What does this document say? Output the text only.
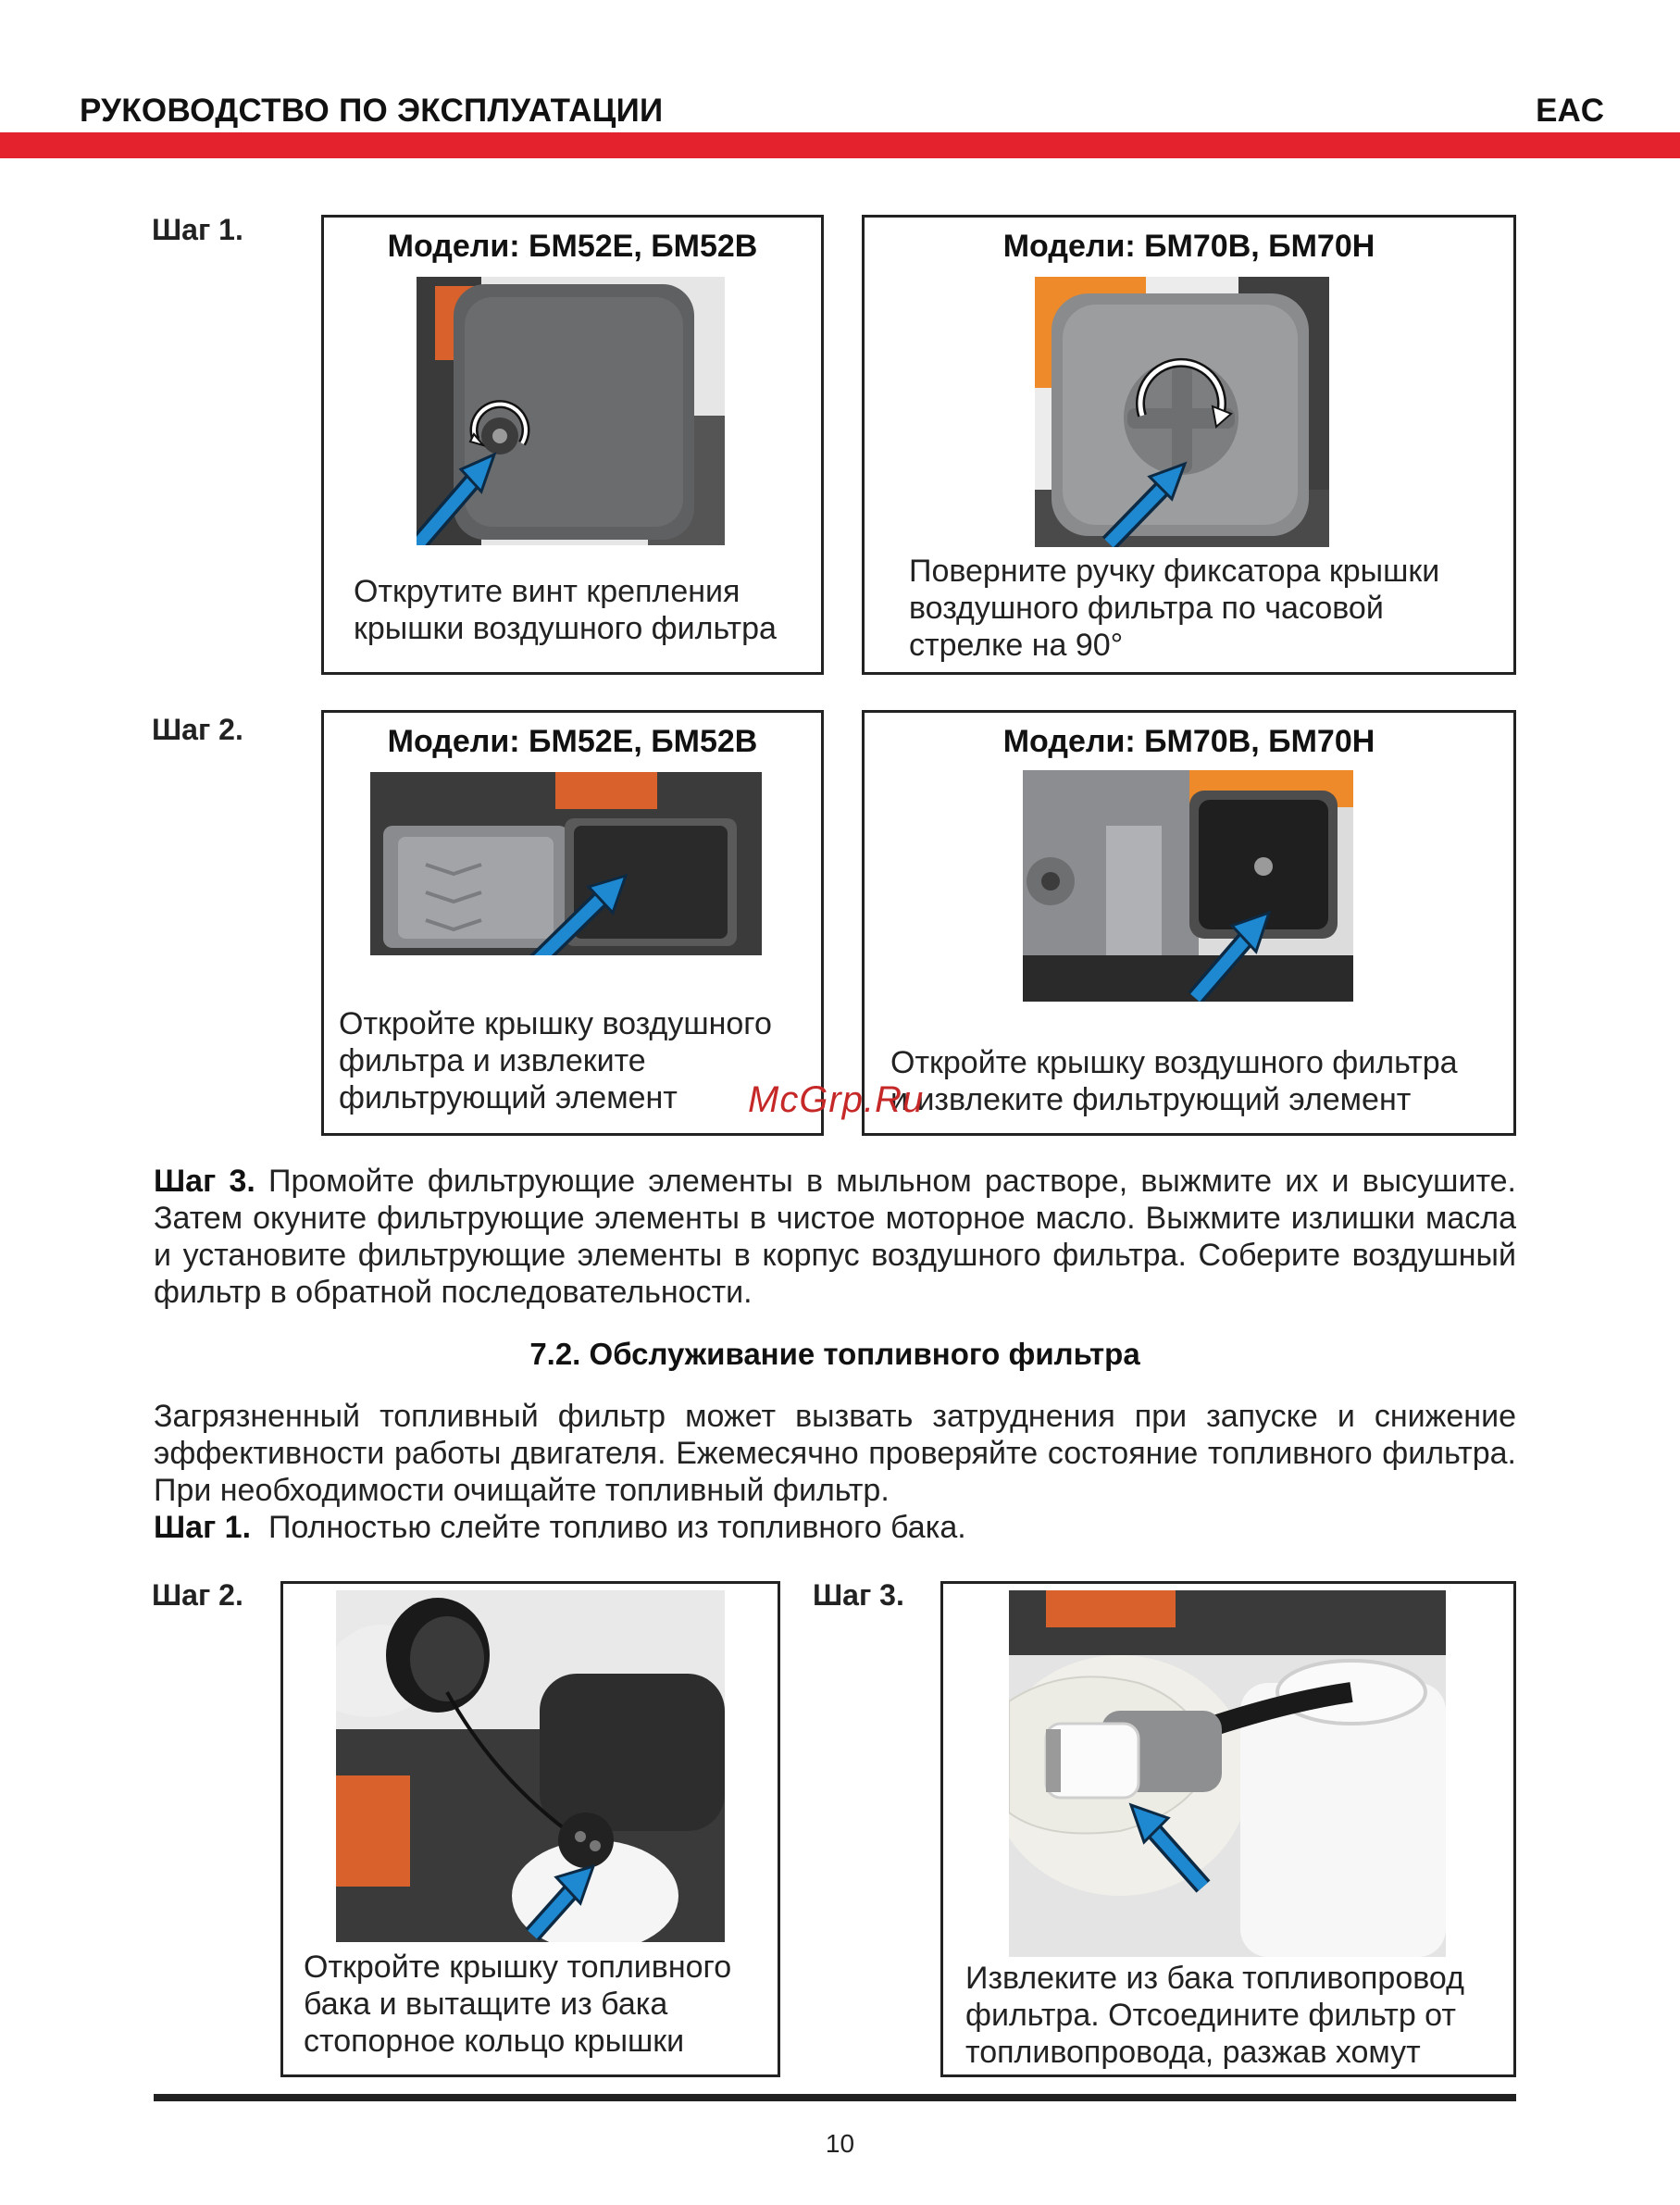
РУКОВОДСТВО ПО ЭКСПЛУАТАЦИИ	EAC
Шаг 1.	Модели: БМ52Е, БМ52В
Открутите винт крепления
крышки воздушного фильтра
Модели: БМ70В, БМ70Н
Поверните ручку фиксатора крышки
воздушного фильтра по часовой
стрелке на 90°
Шаг 2.	Модели: БМ52Е, БМ52В
Откройте крышку воздушного
фильтра и извлеките
фильтрующий элемент
Модели: БМ70В, БМ70Н
Откройте крышку воздушного фильтра
и извлеките фильтрующий элемент
McGrp.Ru
Шаг 3. Промойте фильтрующие элементы в мыльном растворе, выжмите их и высушите. Затем окуните фильтрующие элементы в чистое моторное масло. Выжмите излишки масла и установите фильтрующие элементы в корпус воздушного фильтра. Соберите воздушный фильтр в обратной последовательности.
7.2. Обслуживание топливного фильтра
Загрязненный топливный фильтр может вызвать затруднения при запуске и снижение эффективности работы двигателя. Ежемесячно проверяйте состояние топливного фильтра. При необходимости очищайте топливный фильтр.
Шаг 1. Полностью слейте топливо из топливного бака.
Шаг 2.
Откройте крышку топливного
бака и вытащите из бака
стопорное кольцо крышки
Шаг 3.
Извлеките из бака топливопровод
фильтра. Отсоедините фильтр от
топливопровода, разжав хомут
10
